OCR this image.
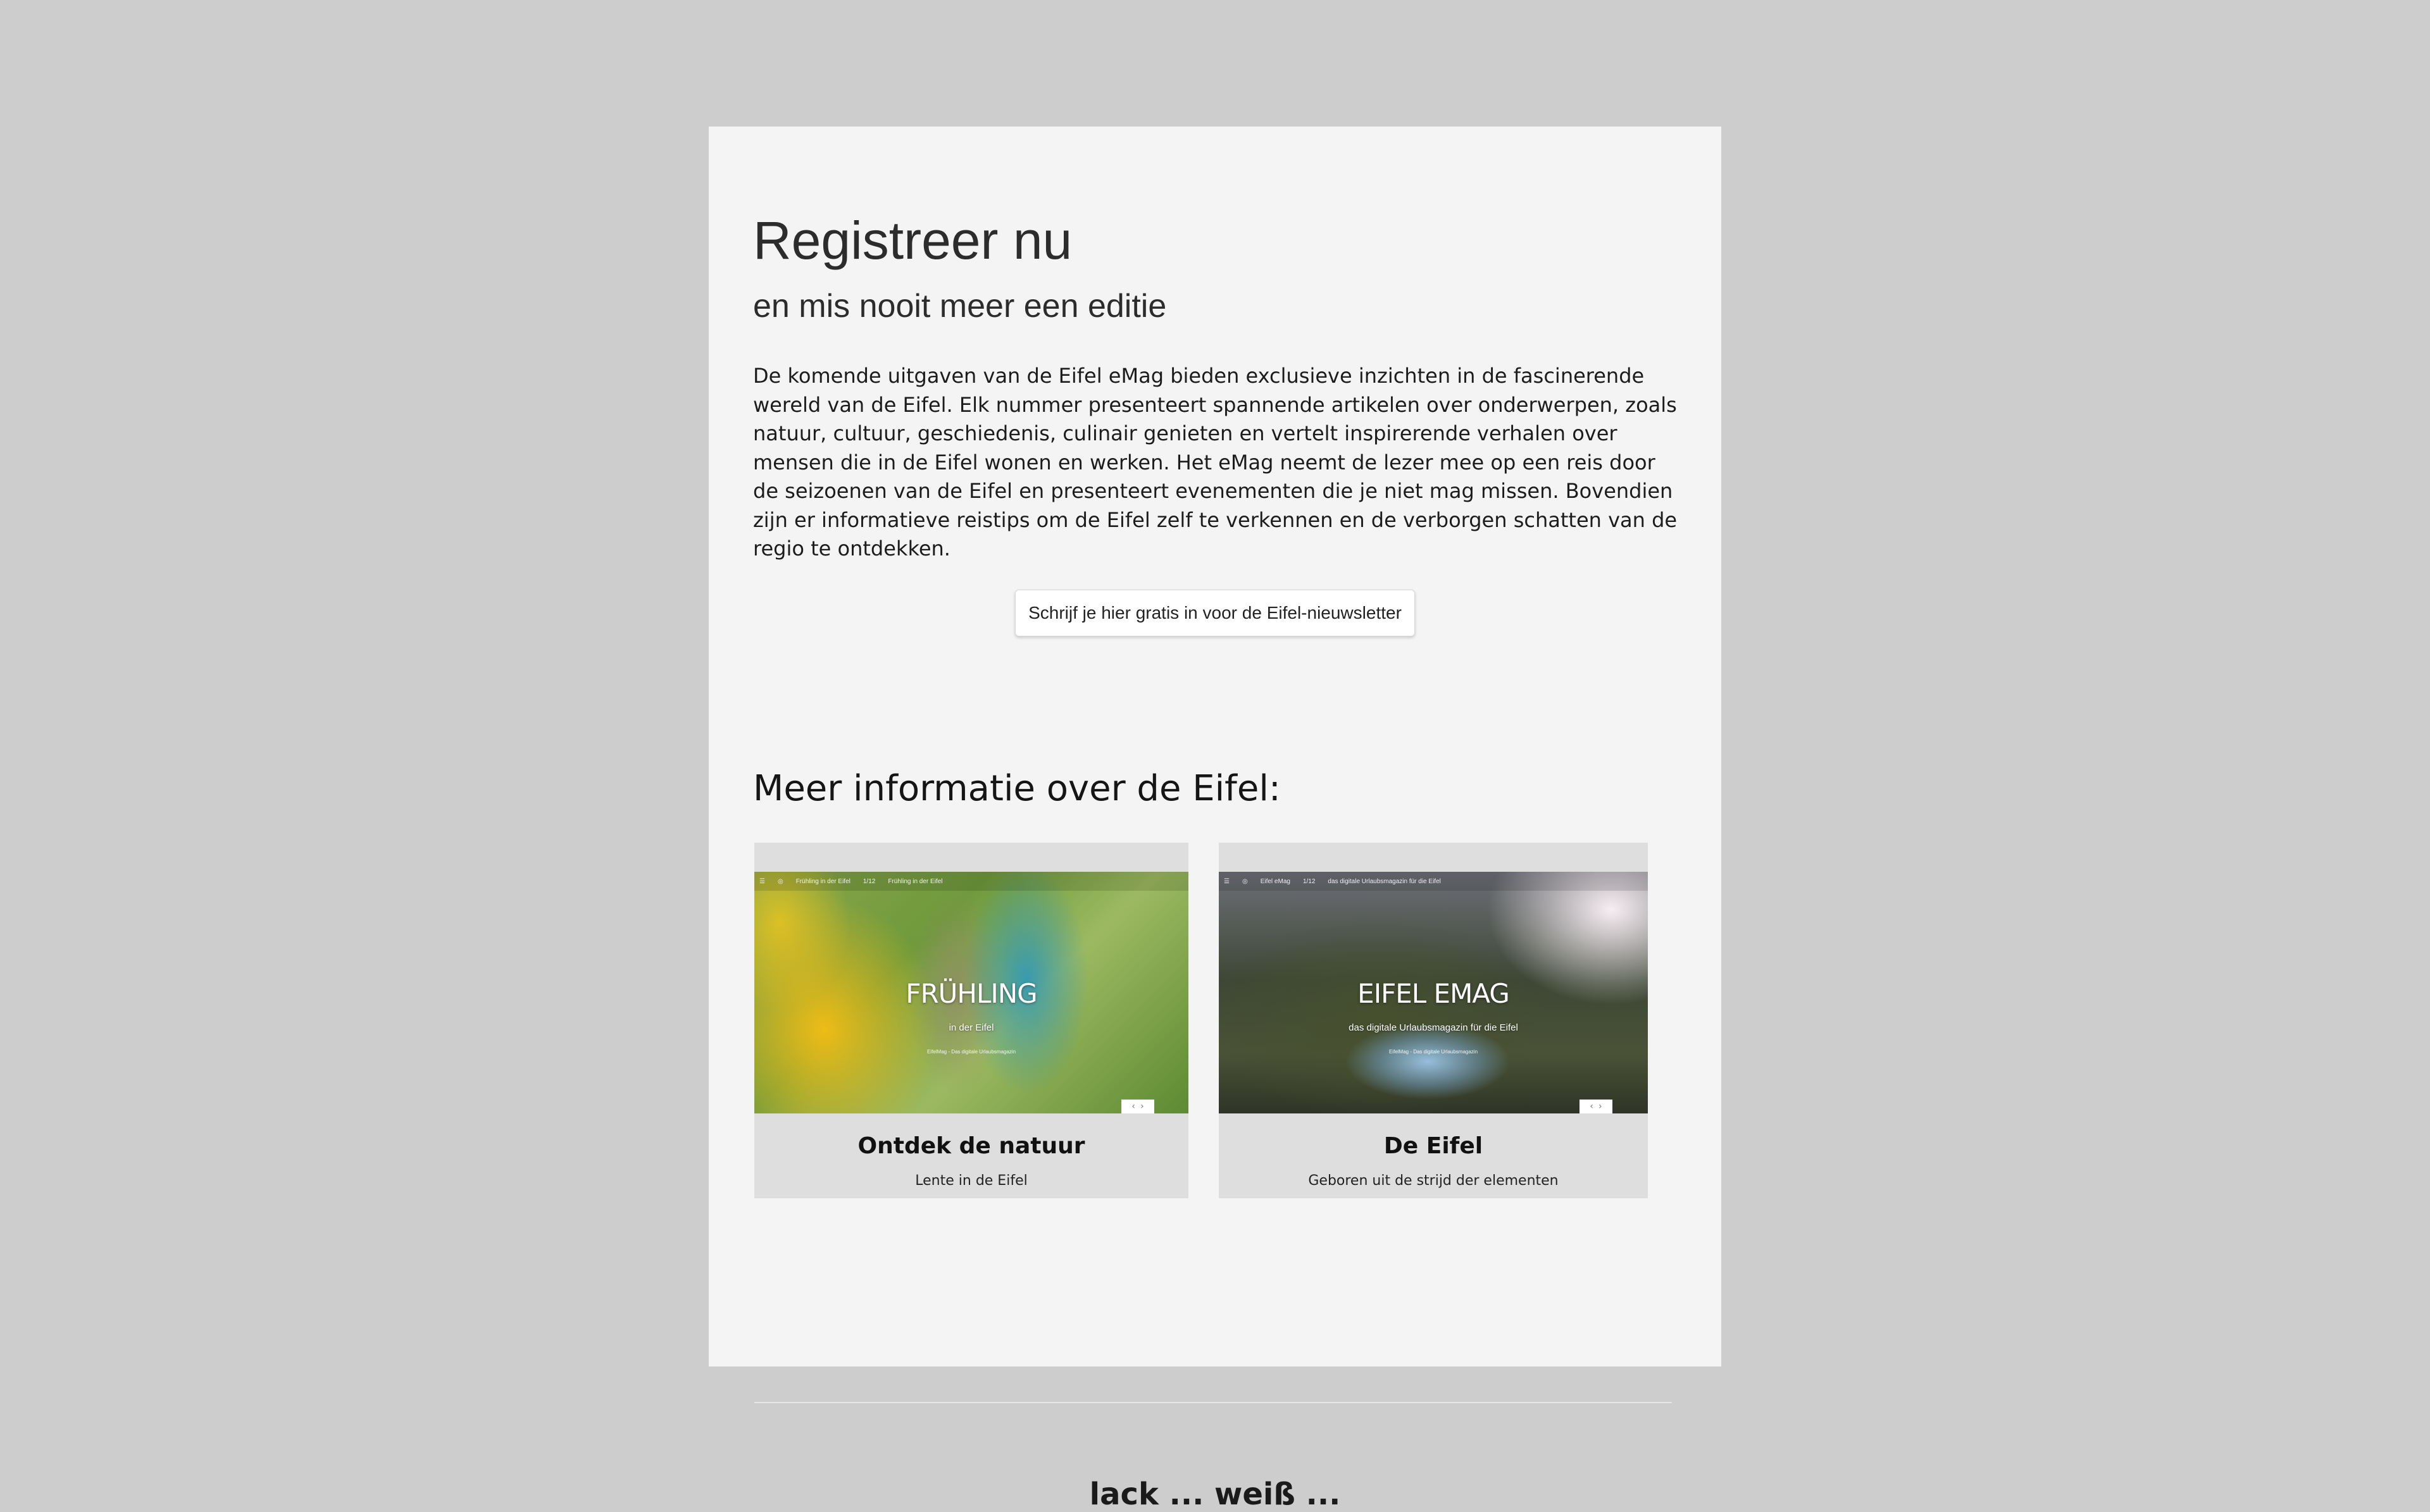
Registreer nu
en mis nooit meer een editie

De komende uitgaven van de Eifel eMag bieden exclusieve inzichten in de fascinerende wereld van de Eifel. Elk nummer presenteert spannende artikelen over onderwerpen, zoals natuur, cultuur, geschiedenis, culinair genieten en vertelt inspirerende verhalen over mensen die in de Eifel wonen en werken. Het eMag neemt de lezer mee op een reis door de seizoenen van de Eifel en presenteert evenementen die je niet mag missen. Bovendien zijn er informatieve reistips om de Eifel zelf te verkennen en de verborgen schatten van de regio te ontdekken.

Schrijf je hier gratis in voor de Eifel-nieuwsletter
Meer informatie over de Eifel:
☰ ◎ Frühling in der Eifel 1/12 Frühling in der Eifel
FRÜHLING
in der Eifel
EifelMag - Das digitale Urlaubsmagazin
‹ ›
Ontdek de natuur
Lente in de Eifel
☰ ◎ Eifel eMag 1/12 das digitale Urlaubsmagazin für die Eifel
EIFEL EMAG
das digitale Urlaubsmagazin für die Eifel
EifelMag - Das digitale Urlaubsmagazin
‹ ›
De Eifel
Geboren uit de strijd der elementen
lack ... weiß ...
